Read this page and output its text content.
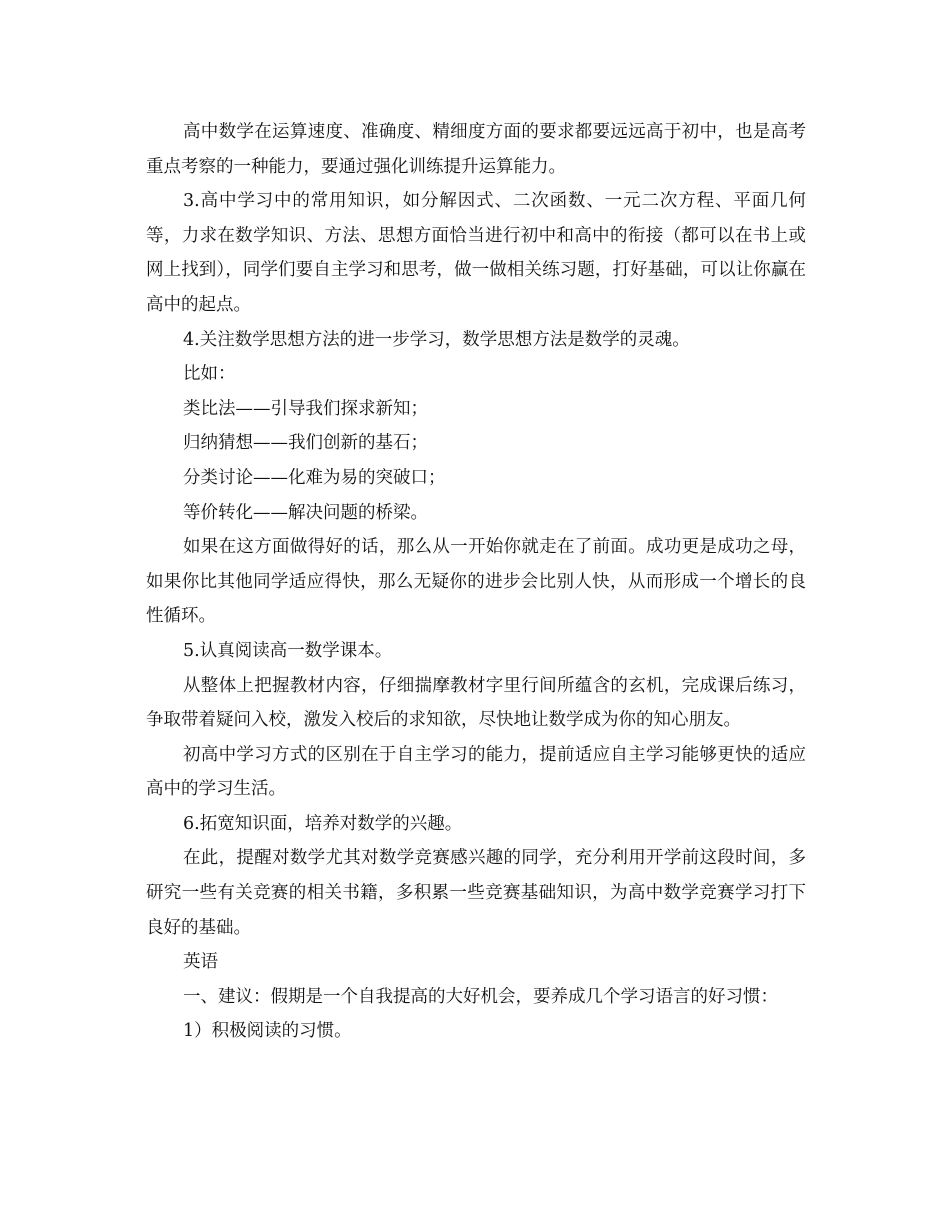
高中数学在运算速度、准确度、精细度方面的要求都要远远高于初中，也是高考重点考察的一种能力，要通过强化训练提升运算能力。

3.高中学习中的常用知识，如分解因式、二次函数、一元二次方程、平面几何等，力求在数学知识、方法、思想方面恰当进行初中和高中的衔接（都可以在书上或网上找到），同学们要自主学习和思考，做一做相关练习题，打好基础，可以让你赢在高中的起点。

4.关注数学思想方法的进一步学习，数学思想方法是数学的灵魂。

比如：

类比法——引导我们探求新知；

归纳猜想——我们创新的基石；

分类讨论——化难为易的突破口；

等价转化——解决问题的桥梁。

如果在这方面做得好的话，那么从一开始你就走在了前面。成功更是成功之母，如果你比其他同学适应得快，那么无疑你的进步会比别人快，从而形成一个增长的良性循环。

5.认真阅读高一数学课本。

从整体上把握教材内容，仔细揣摩教材字里行间所蕴含的玄机，完成课后练习，争取带着疑问入校，激发入校后的求知欲，尽快地让数学成为你的知心朋友。

初高中学习方式的区别在于自主学习的能力，提前适应自主学习能够更快的适应高中的学习生活。

6.拓宽知识面，培养对数学的兴趣。

在此，提醒对数学尤其对数学竞赛感兴趣的同学，充分利用开学前这段时间，多研究一些有关竞赛的相关书籍，多积累一些竞赛基础知识，为高中数学竞赛学习打下良好的基础。

英语

一、建议：假期是一个自我提高的大好机会，要养成几个学习语言的好习惯：

1）积极阅读的习惯。
